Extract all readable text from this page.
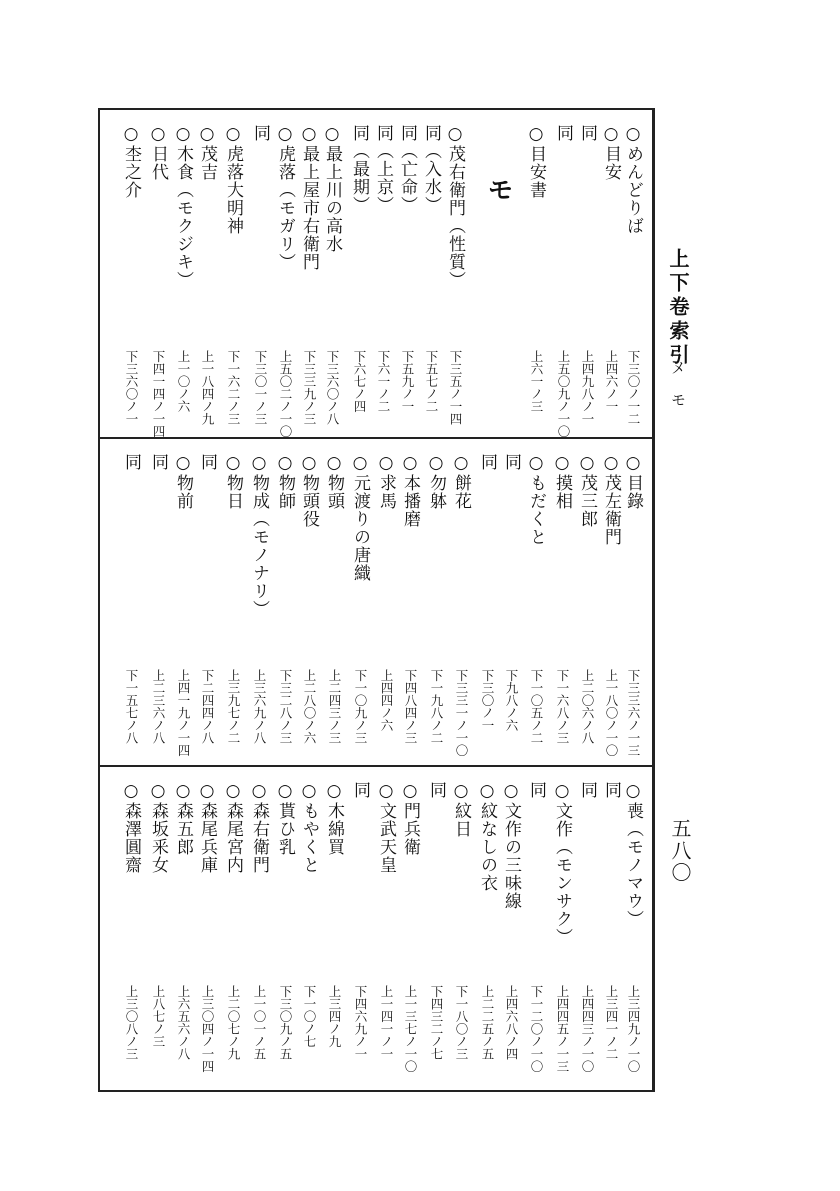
上下卷索引
メ モ
五八〇
○めんどりば
下三〇ノ一二
○目安
上四六ノ一
同
上四九八ノ一
同
上五〇九ノ一〇
○目安書
上六一ノ三
モ
○茂右衛門（性質）
下三五ノ一四
同（入水）
下五七ノ二
同（亡命）
下五九ノ一
同（上京）
下六一ノ二
同（最期）
下六七ノ四
○最上川の高水
下三六〇ノ八
○最上屋市右衛門
下三三九ノ三
○虎落（モガリ）
上五〇二ノ一〇
同
下三〇一ノ三
○虎落大明神
下一六二ノ三
○茂吉
上一八四ノ九
○木食（モクジキ）
上一〇ノ六
○日代
下四一四ノ一四
○杢之介
下三六〇ノ一
○目錄
下三三六ノ一三
○茂左衛門
上一八〇ノ一〇
○茂三郎
上二〇六ノ八
○摸相
下一六八ノ三
○もだくと
下一〇五ノ二
同
下九八ノ六
同
下三〇ノ一
○餅花
下三三一ノ一〇
○勿躰
下一九八ノ二
○本播磨
下四八四ノ三
○求馬
上四四ノ六
○元渡りの唐織
下一〇九ノ三
○物頭
上二四三ノ三
○物頭役
上二八〇ノ六
○物師
下三二八ノ三
○物成（モノナリ）
上三六九ノ八
○物日
上三九七ノ二
同
下二四四ノ八
○物前
上四一九ノ一四
同
上二三六ノ八
同
下一五七ノ八
○喪（モノマウ）
上三四九ノ一〇
同
上三四一ノ二
同
上四四三ノ一〇
○文作（モンサク）
上四四五ノ一三
同
下一二〇ノ一〇
○文作の三味線
上四六八ノ四
○紋なしの衣
上二二五ノ五
○紋日
下一八〇ノ三
同
下四三二ノ七
○門兵衛
上一三七ノ一〇
○文武天皇
上一四一ノ一
同
下四六九ノ一
○木綿買
上三四ノ九
○もやくと
下一〇ノ七
○貰ひ乳
下三〇九ノ五
○森右衛門
上一〇一ノ五
○森尾宮内
上二〇七ノ九
○森尾兵庫
上三〇四ノ一四
○森五郎
上六五六ノ八
○森坂釆女
上八七ノ三
○森澤圓齋
上三〇八ノ三
